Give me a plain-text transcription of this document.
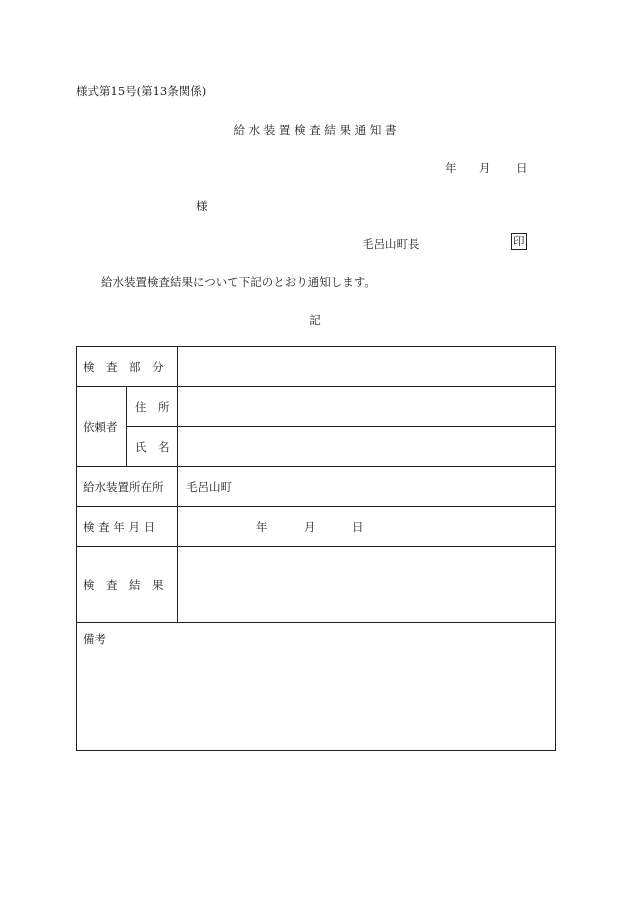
様式第15号(第13条関係)
給 水 装 置 検 査 結 果 通 知 書
年 月 日
様
毛呂山町長	印
給水装置検査結果について下記のとおり通知します。
記
検　査　部　分		
依頼者	住　所	
	氏　名	
給水装置所在所		毛呂山町
検 査 年 月 日		年 月 日
検　査　結　果		
備考		
